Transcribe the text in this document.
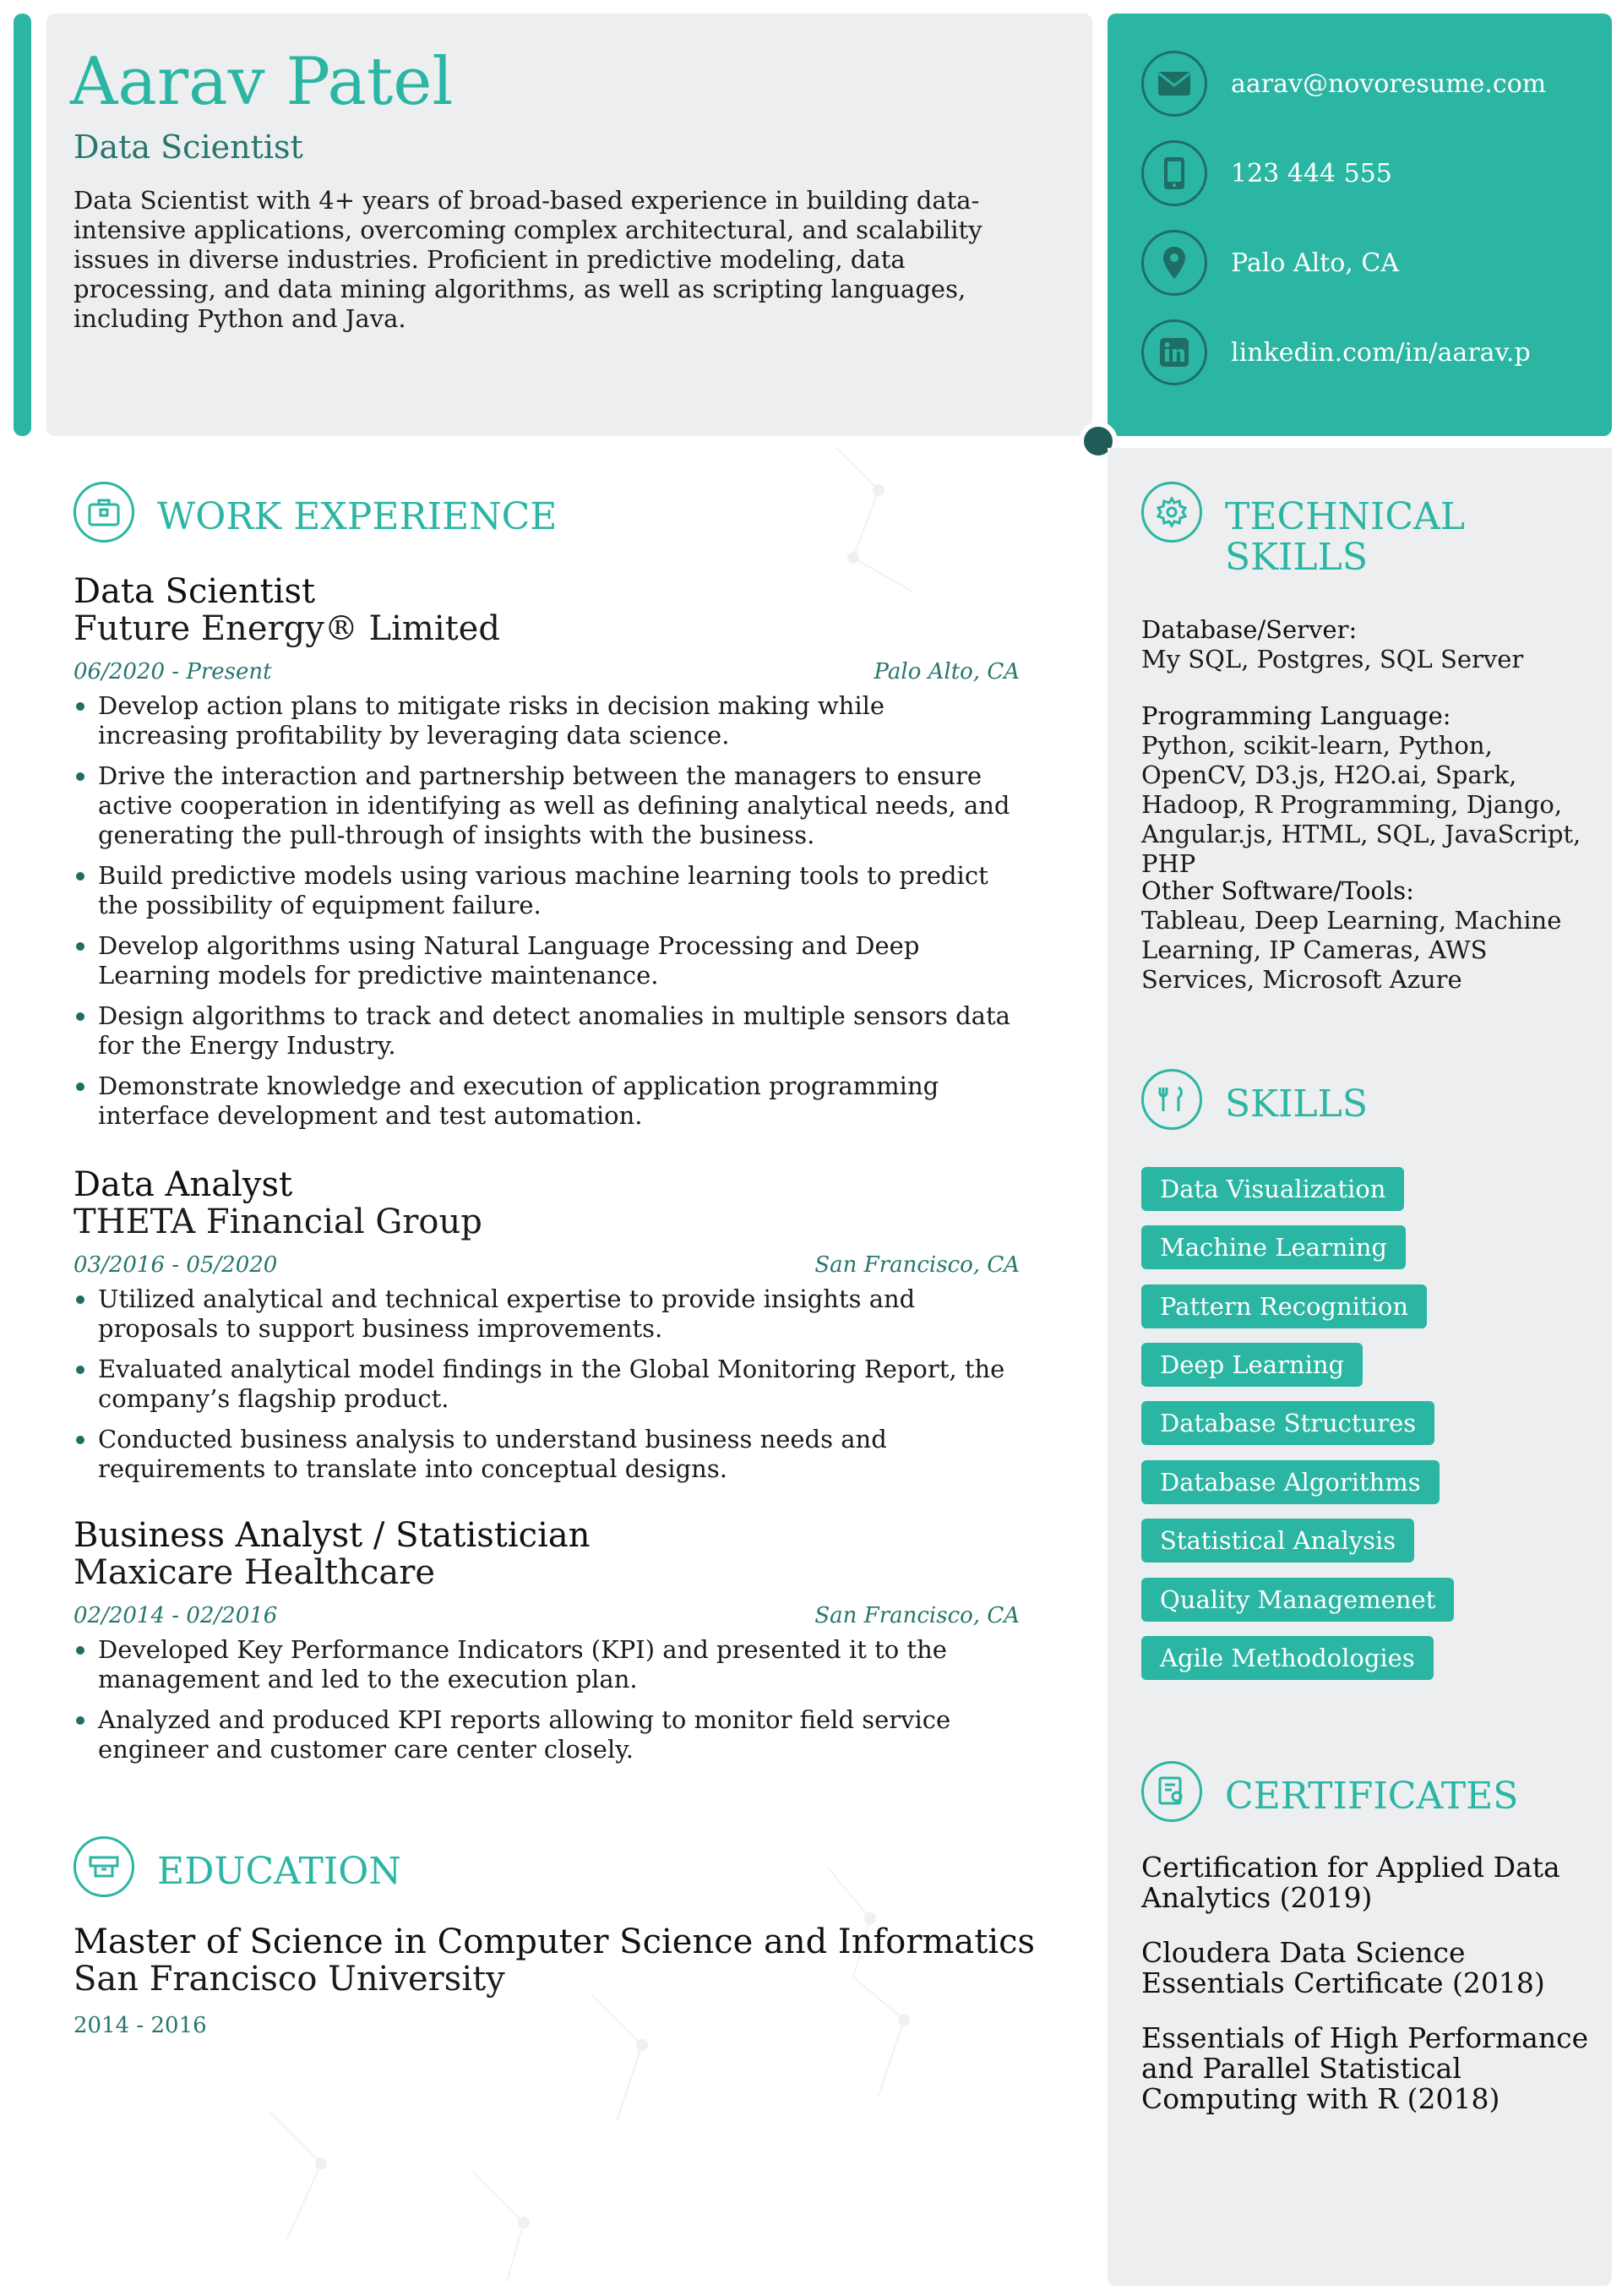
Aarav Patel
Data Scientist
Data Scientist with 4+ years of broad-based experience in building data-intensive applications, overcoming complex architectural, and scalability issues in diverse industries. Proficient in predictive modeling, data processing, and data mining algorithms, as well as scripting languages, including Python and Java.
aarav@novoresume.com
123 444 555
Palo Alto, CA
linkedin.com/in/aarav.p
WORK EXPERIENCE
Data Scientist
Future Energy® Limited
06/2020 - Present	Palo Alto, CA
Develop action plans to mitigate risks in decision making while increasing profitability by leveraging data science.
Drive the interaction and partnership between the managers to ensure active cooperation in identifying as well as defining analytical needs, and generating the pull-through of insights with the business.
Build predictive models using various machine learning tools to predict the possibility of equipment failure.
Develop algorithms using Natural Language Processing and Deep Learning models for predictive maintenance.
Design algorithms to track and detect anomalies in multiple sensors data for the Energy Industry.
Demonstrate knowledge and execution of application programming interface development and test automation.
Data Analyst
THETA Financial Group
03/2016 - 05/2020	San Francisco, CA
Utilized analytical and technical expertise to provide insights and proposals to support business improvements.
Evaluated analytical model findings in the Global Monitoring Report, the company’s flagship product.
Conducted business analysis to understand business needs and requirements to translate into conceptual designs.
Business Analyst / Statistician
Maxicare Healthcare
02/2014 - 02/2016	San Francisco, CA
Developed Key Performance Indicators (KPI) and presented it to the management and led to the execution plan.
Analyzed and produced KPI reports allowing to monitor field service engineer and customer care center closely.
EDUCATION
Master of Science in Computer Science and Informatics
San Francisco University
2014 - 2016
TECHNICAL
SKILLS
Database/Server:
My SQL, Postgres, SQL Server
Programming Language:
Python, scikit-learn, Python, OpenCV, D3.js, H2O.ai, Spark, Hadoop, R Programming, Django, Angular.js, HTML, SQL, JavaScript, PHP
Other Software/Tools:
Tableau, Deep Learning, Machine Learning, IP Cameras, AWS Services, Microsoft Azure
SKILLS
Data Visualization
Machine Learning
Pattern Recognition
Deep Learning
Database Structures
Database Algorithms
Statistical Analysis
Quality Managemenet
Agile Methodologies
CERTIFICATES
Certification for Applied Data Analytics (2019)
Cloudera Data Science Essentials Certificate (2018)
Essentials of High Performance and Parallel Statistical Computing with R (2018)
